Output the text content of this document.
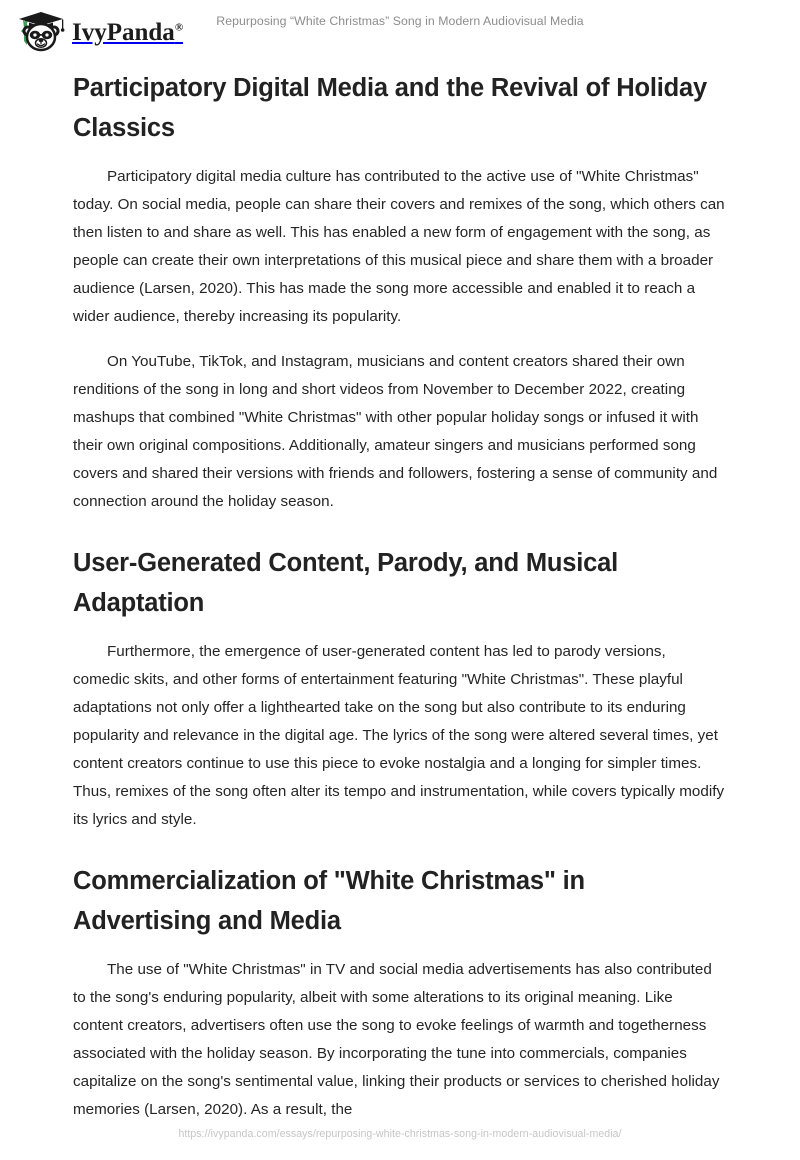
IvyPanda®	Repurposing “White Christmas” Song in Modern Audiovisual Media
Participatory Digital Media and the Revival of Holiday Classics

Participatory digital media culture has contributed to the active use of "White Christmas" today. On social media, people can share their covers and remixes of the song, which others can then listen to and share as well. This has enabled a new form of engagement with the song, as people can create their own interpretations of this musical piece and share them with a broader audience (Larsen, 2020). This has made the song more accessible and enabled it to reach a wider audience, thereby increasing its popularity.

On YouTube, TikTok, and Instagram, musicians and content creators shared their own renditions of the song in long and short videos from November to December 2022, creating mashups that combined "White Christmas" with other popular holiday songs or infused it with their own original compositions. Additionally, amateur singers and musicians performed song covers and shared their versions with friends and followers, fostering a sense of community and connection around the holiday season.

User-Generated Content, Parody, and Musical Adaptation

Furthermore, the emergence of user-generated content has led to parody versions, comedic skits, and other forms of entertainment featuring "White Christmas". These playful adaptations not only offer a lighthearted take on the song but also contribute to its enduring popularity and relevance in the digital age. The lyrics of the song were altered several times, yet content creators continue to use this piece to evoke nostalgia and a longing for simpler times. Thus, remixes of the song often alter its tempo and instrumentation, while covers typically modify its lyrics and style.

Commercialization of "White Christmas" in Advertising and Media

The use of "White Christmas" in TV and social media advertisements has also contributed to the song's enduring popularity, albeit with some alterations to its original meaning. Like content creators, advertisers often use the song to evoke feelings of warmth and togetherness associated with the holiday season. By incorporating the tune into commercials, companies capitalize on the song's sentimental value, linking their products or services to cherished holiday memories (Larsen, 2020). As a result, the

https://ivypanda.com/essays/repurposing-white-christmas-song-in-modern-audiovisual-media/
